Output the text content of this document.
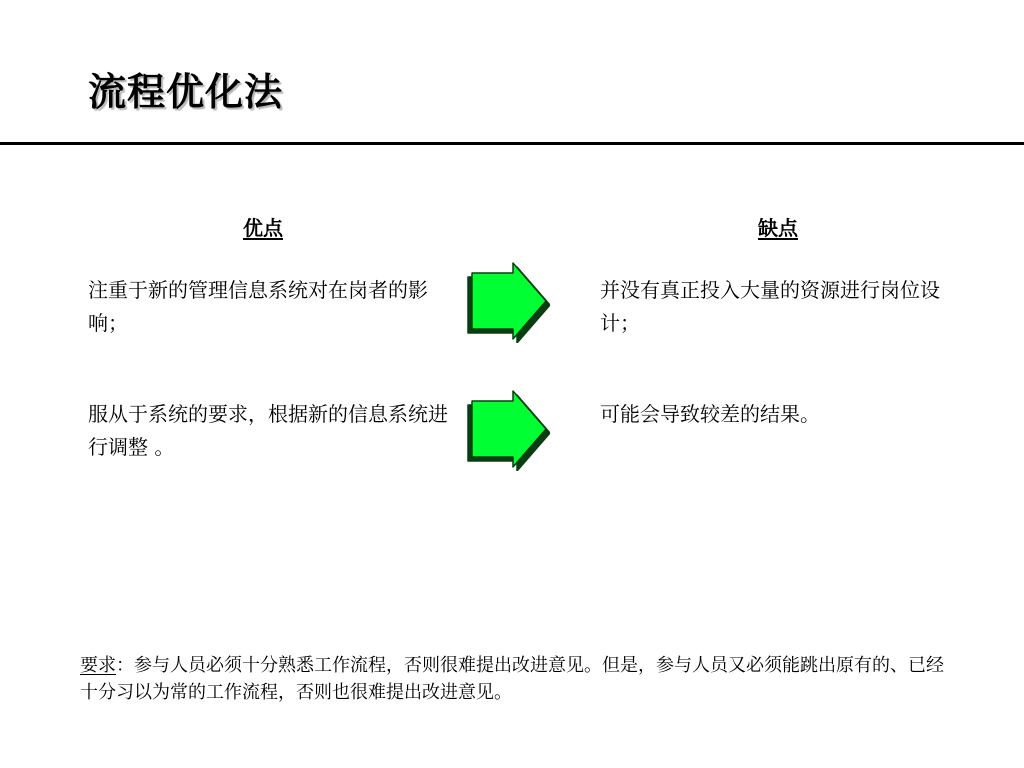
流程优化法
优点	缺点

注重于新的管理信息系统对在岗者的影响；

服从于系统的要求，根据新的信息系统进行调整 。

并没有真正投入大量的资源进行岗位设计；

可能会导致较差的结果。

要求：参与人员必须十分熟悉工作流程，否则很难提出改进意见。但是，参与人员又必须能跳出原有的、已经十分习以为常的工作流程，否则也很难提出改进意见。
